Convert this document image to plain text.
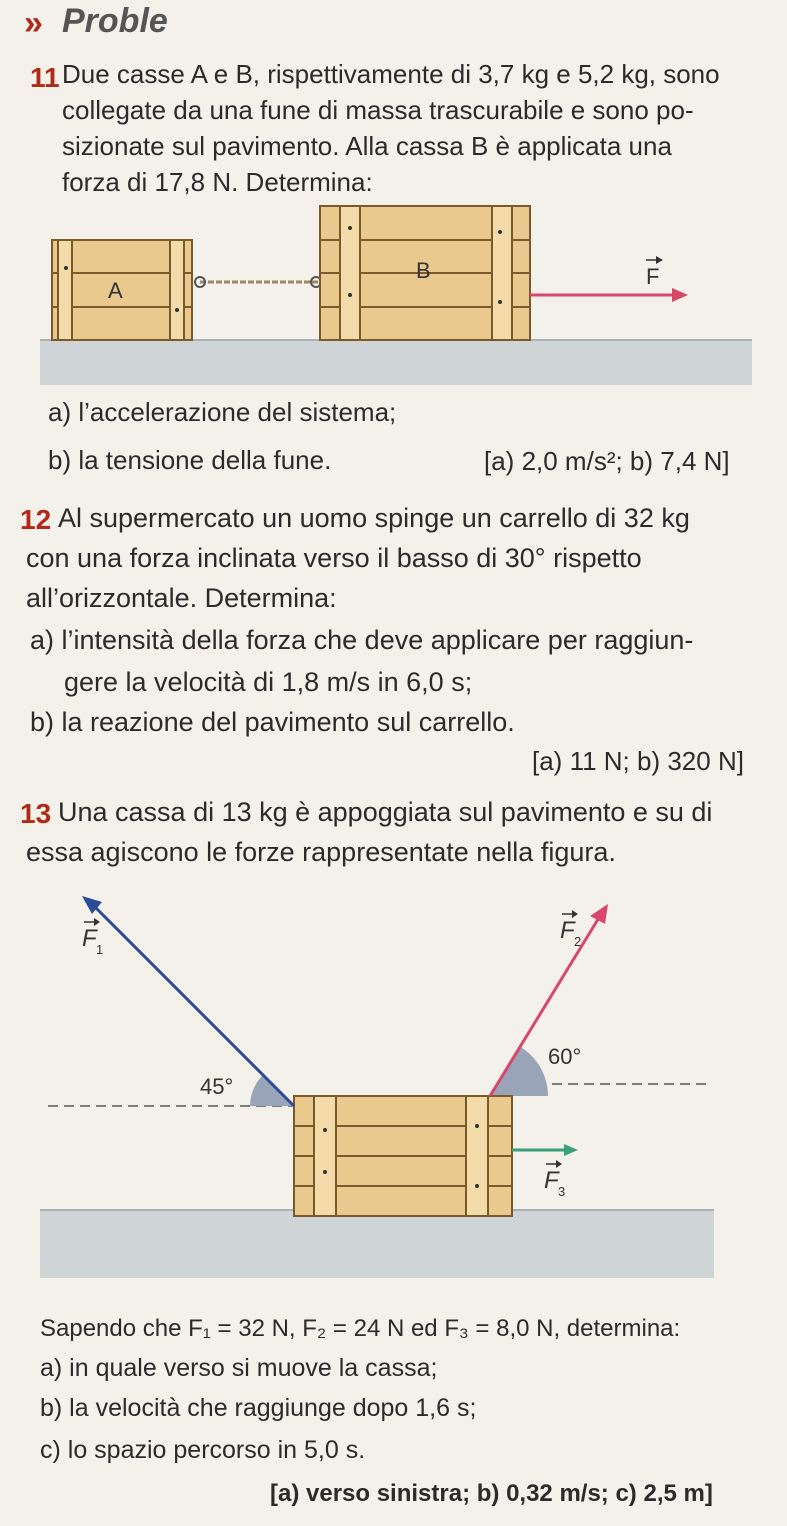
» Proble
11 Due casse A e B, rispettivamente di 3,7 kg e 5,2 kg, sono
collegate da una fune di massa trascurabile e sono po-
sizionate sul pavimento. Alla cassa B è applicata una
forza di 17,8 N. Determina:
A
B	F
a) l’accelerazione del sistema;
b) la tensione della fune.	[a) 2,0 m/s²; b) 7,4 N]
12 Al supermercato un uomo spinge un carrello di 32 kg
con una forza inclinata verso il basso di 30° rispetto
all’orizzontale. Determina:
a) l’intensità della forza che deve applicare per raggiun-
gere la velocità di 1,8 m/s in 6,0 s;
b) la reazione del pavimento sul carrello.
[a) 11 N; b) 320 N]
13 Una cassa di 13 kg è appoggiata sul pavimento e su di
essa agiscono le forze rappresentate nella figura.
F 1
F 2
F 3
45°
60°
Sapendo che F₁ = 32 N, F₂ = 24 N ed F₃ = 8,0 N, determina:
a) in quale verso si muove la cassa;
b) la velocità che raggiunge dopo 1,6 s;
c) lo spazio percorso in 5,0 s.
[a) verso sinistra; b) 0,32 m/s; c) 2,5 m]
